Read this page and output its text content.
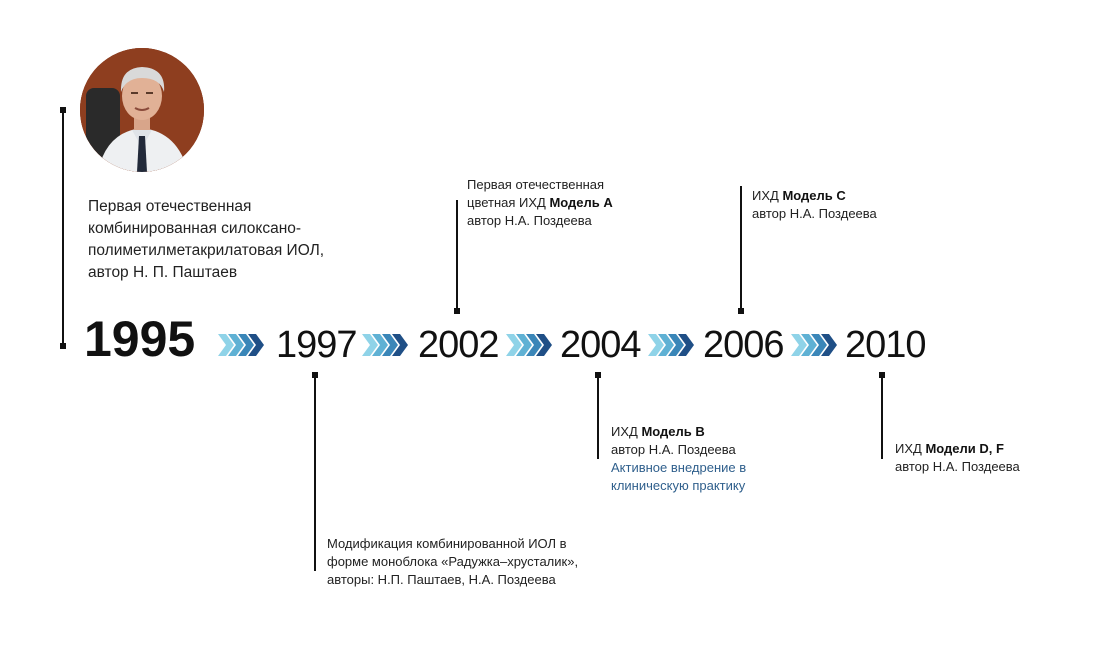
Первая отечественная
комбинированная силоксано-
полиметилметакрилатовая ИОЛ,
автор Н. П. Паштаев
1995 1997 2002 2004 2006 2010
Модификация комбинированной ИОЛ в
форме моноблока «Радужка–хрусталик»,
авторы: Н.П. Паштаев, Н.А. Поздеева
Первая отечественная
цветная ИХД Модель А
автор Н.А. Поздеева
ИХД Модель В
автор Н.А. Поздеева
Активное внедрение в
клиническую практику
ИХД Модель С
автор Н.А. Поздеева
ИХД Модели D, F
автор Н.А. Поздеева
